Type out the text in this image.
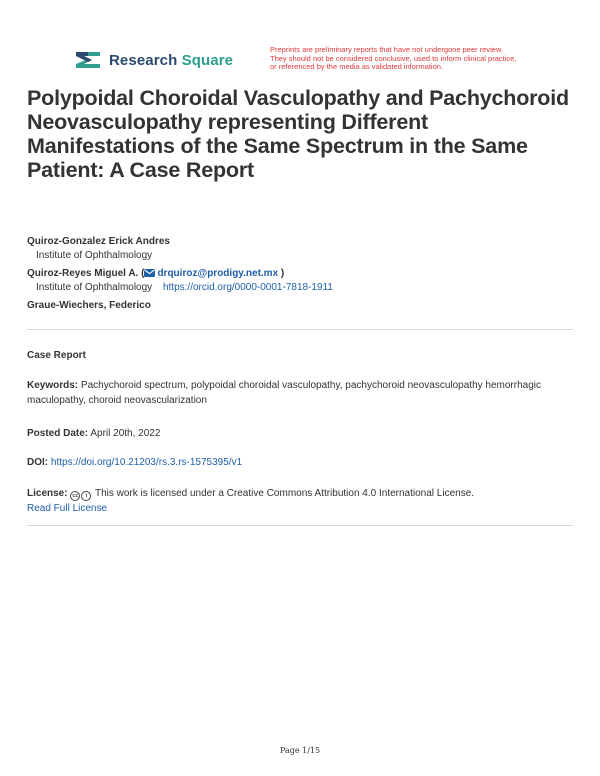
Research Square
Preprints are preliminary reports that have not undergone peer review.
They should not be considered conclusive, used to inform clinical practice,
or referenced by the media as validated information.
Polypoidal Choroidal Vasculopathy and Pachychoroid Neovasculopathy representing Different Manifestations of the Same Spectrum in the Same Patient: A Case Report
Quiroz-Gonzalez Erick Andres
Institute of Ophthalmology
Quiroz-Reyes Miguel A. ( drquiroz@prodigy.net.mx )
Institute of Ophthalmology https://orcid.org/0000-0001-7818-1911
Graue-Wiechers, Federico
Case Report
Keywords: Pachychoroid spectrum, polypoidal choroidal vasculopathy, pachychoroid neovasculopathy hemorrhagic maculopathy, choroid neovascularization
Posted Date: April 20th, 2022
DOI: https://doi.org/10.21203/rs.3.rs-1575395/v1
License: cc i This work is licensed under a Creative Commons Attribution 4.0 International License.
Read Full License
Page 1/15
